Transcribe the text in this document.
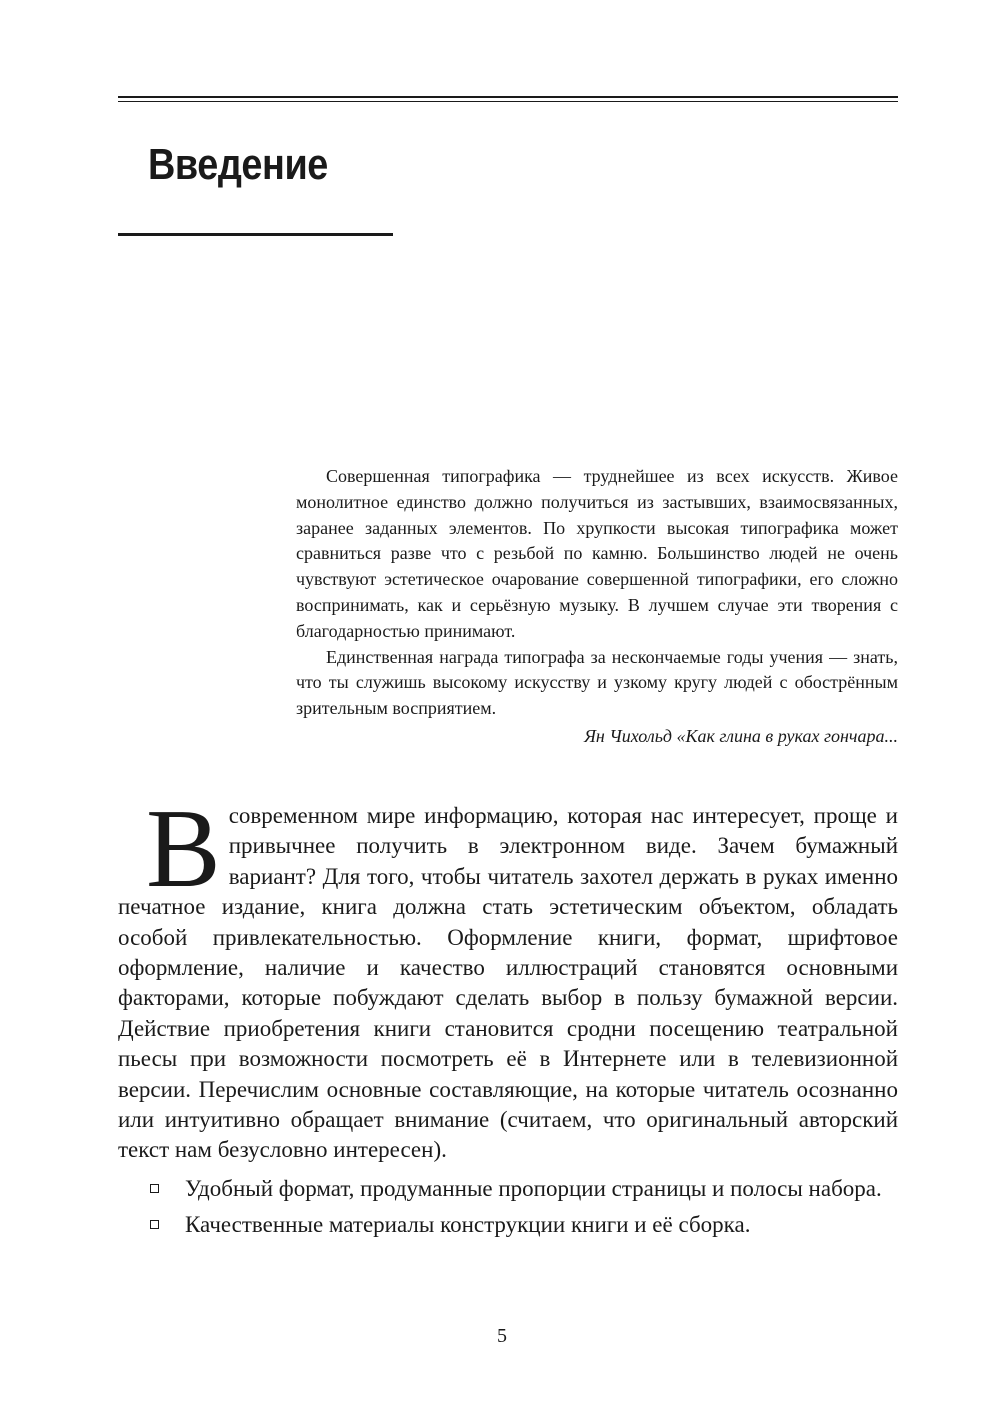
Введение

Совершенная типографика — труднейшее из всех искусств. Живое монолитное единство должно получиться из застывших, взаимосвязанных, заранее заданных элементов. По хрупкости высокая типографика может сравниться разве что с резьбой по камню. Большинство людей не очень чувствуют эстетическое очарование совершенной типографики, его сложно воспринимать, как и серьёзную музыку. В лучшем случае эти творения с благодарностью принимают.

Единственная награда типографа за нескончаемые годы учения — знать, что ты служишь высокому искусству и узкому кругу людей с обострённым зрительным восприятием.

Ян Чихольд «Как глина в руках гончара...

В современном мире информацию, которая нас интересует, проще и привычнее получить в электронном виде. Зачем бумажный вариант? Для того, чтобы читатель захотел держать в руках именно печатное издание, книга должна стать эстетическим объектом, обладать особой привлекательностью. Оформление книги, формат, шрифтовое оформление, наличие и качество иллюстраций становятся основными факторами, которые побуждают сделать выбор в пользу бумажной версии. Действие приобретения книги становится сродни посещению театральной пьесы при возможности посмотреть её в Интернете или в телевизионной версии. Перечислим основные составляющие, на которые читатель осознанно или интуитивно обращает внимание (считаем, что оригинальный авторский текст нам безусловно интересен).

Удобный формат, продуманные пропорции страницы и полосы набора.
Качественные материалы конструкции книги и её сборка.
5
